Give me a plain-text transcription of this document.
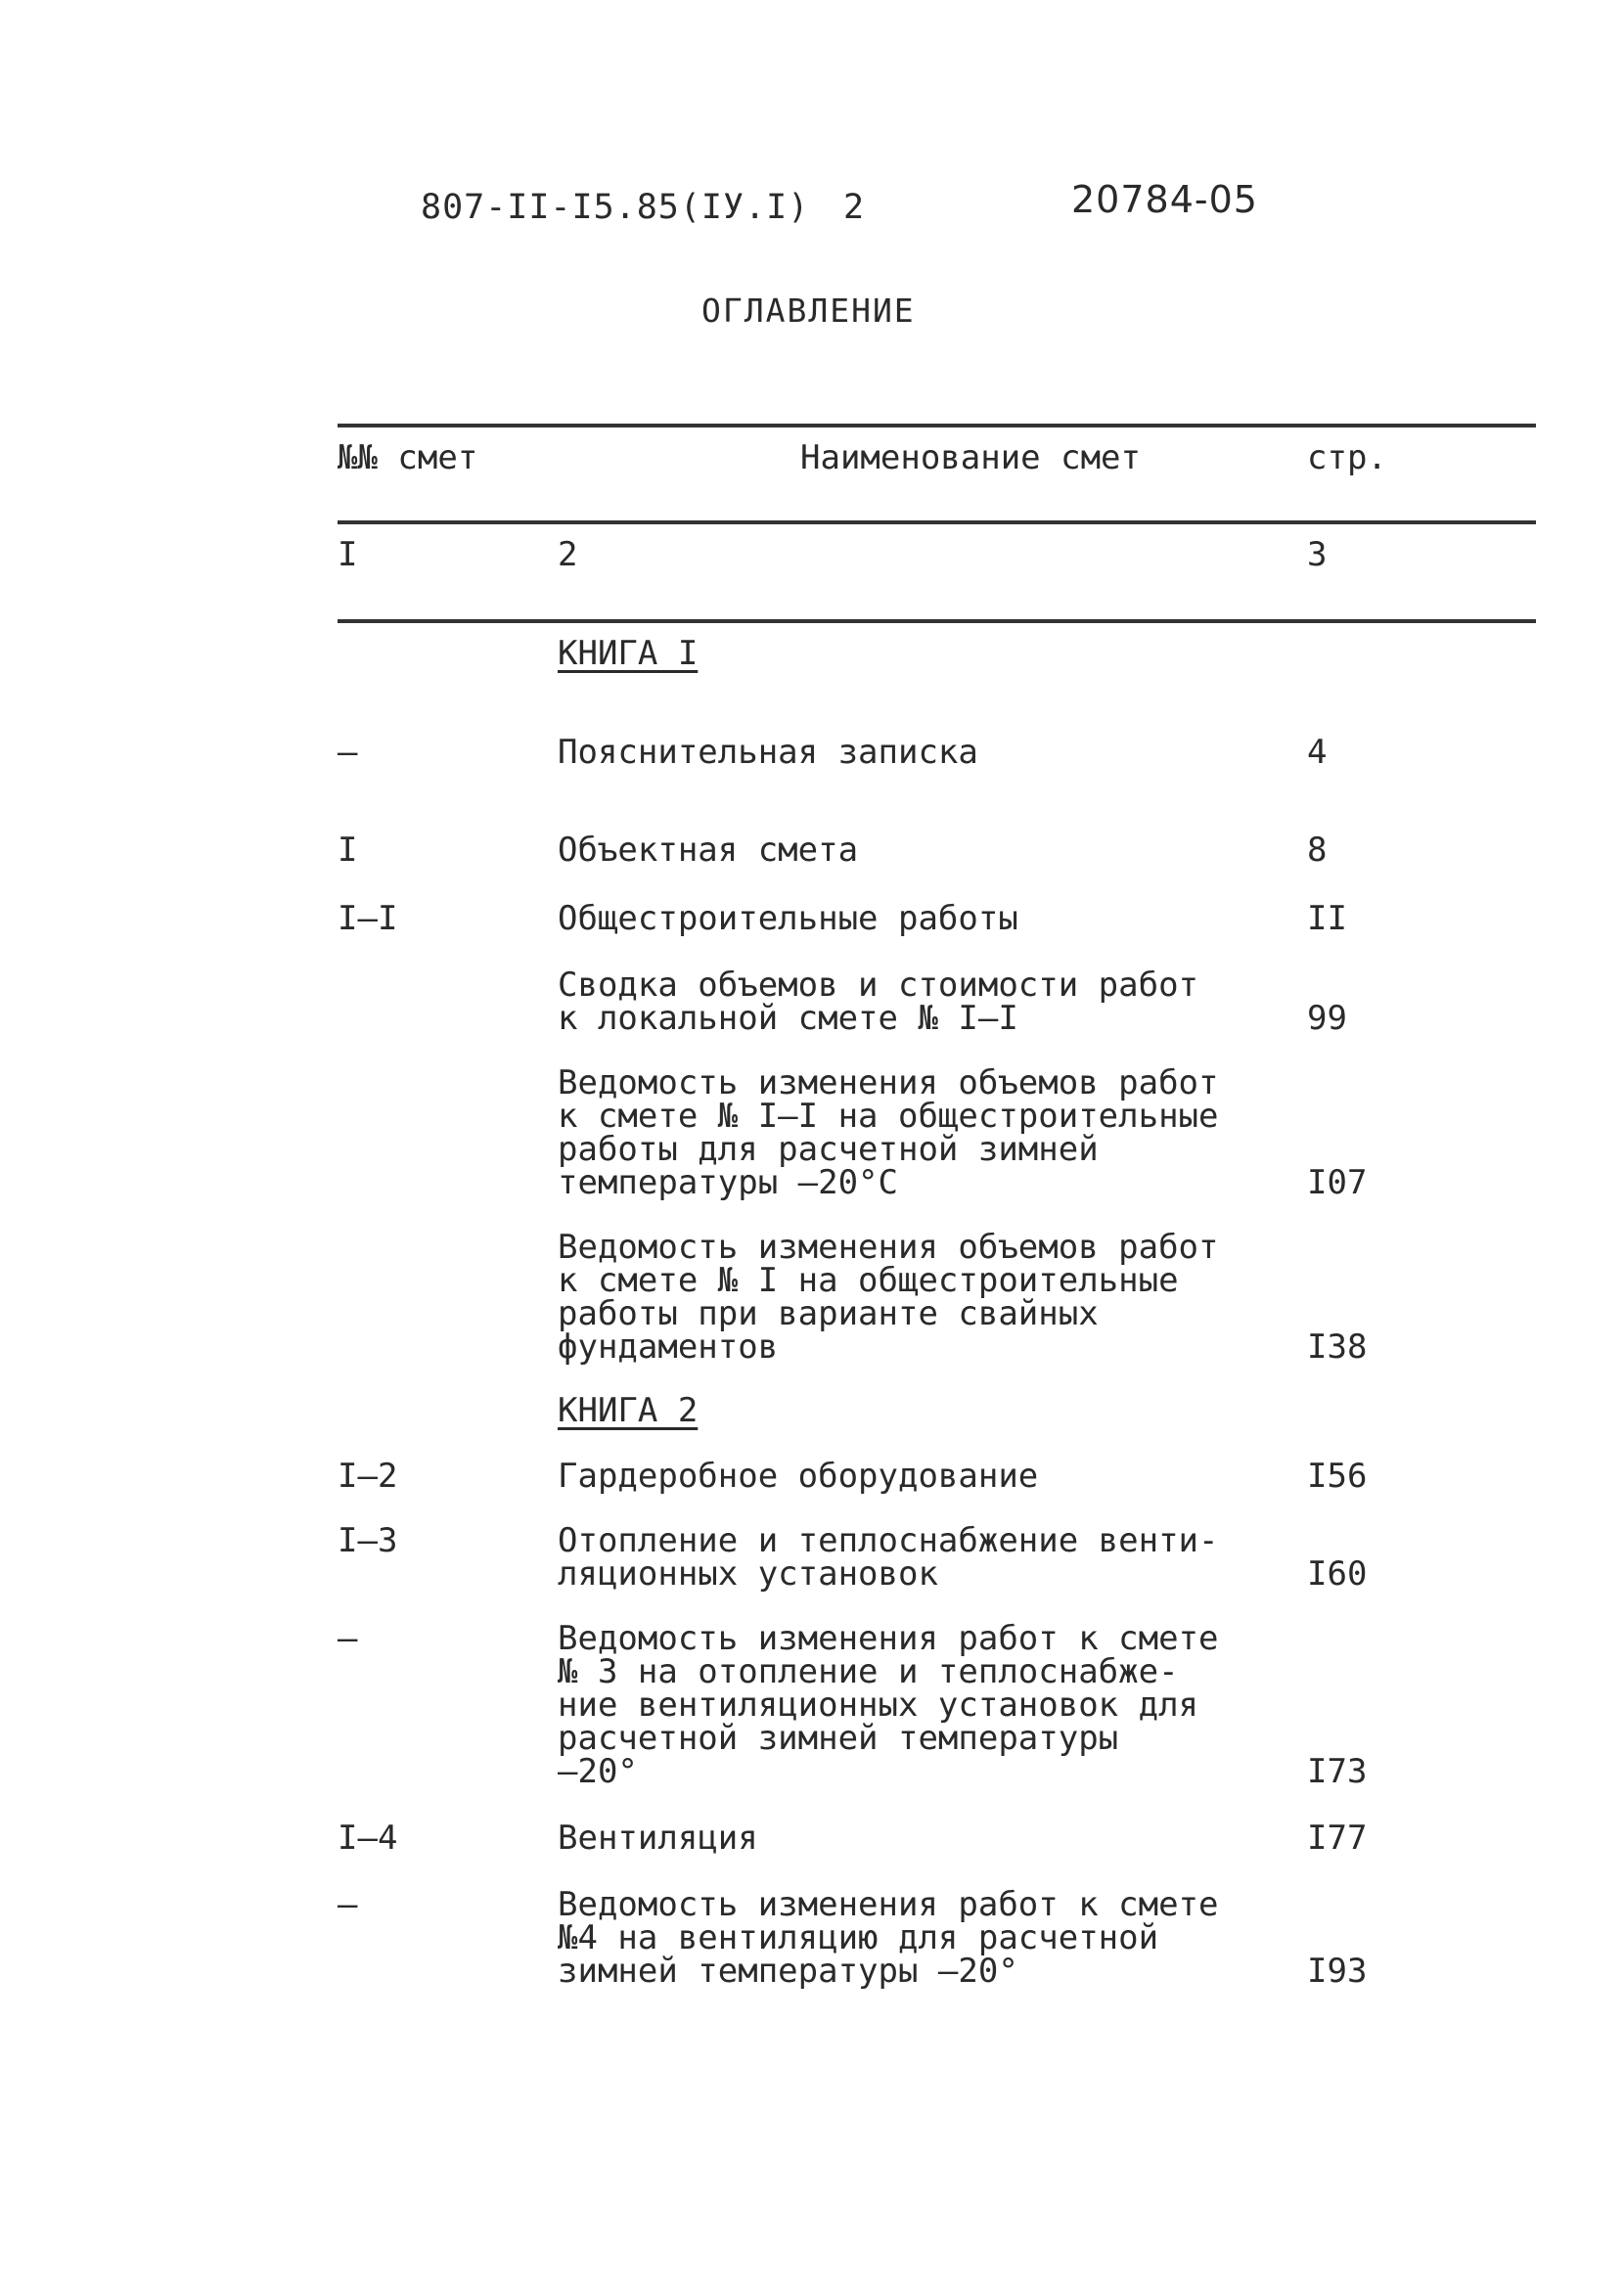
807-II-I5.85(IУ.I) 2	20784-05
ОГЛАВЛЕНИЕ
№№ смет	Наименование смет	стр.
I	2	3
КНИГА I
—	Пояснительная записка	4
I	Объектная смета	8
I–I	Общестроительные работы	II
Сводка объемов и стоимости работ
к локальной смете № I–I	99
Ведомость изменения объемов работ
к смете № I–I на общестроительные
работы для расчетной зимней
температуры –20°С	I07
Ведомость изменения объемов работ
к смете № I на общестроительные
работы при варианте свайных
фундаментов	I38
КНИГА 2
I–2	Гардеробное оборудование	I56
I–3	Отопление и теплоснабжение венти-
ляционных установок	I60
—	Ведомость изменения работ к смете
№ 3 на отопление и теплоснабже-
ние вентиляционных установок для
расчетной зимней температуры
–20°	I73
I–4	Вентиляция	I77
—	Ведомость изменения работ к смете
№4 на вентиляцию для расчетной
зимней температуры –20°	I93
